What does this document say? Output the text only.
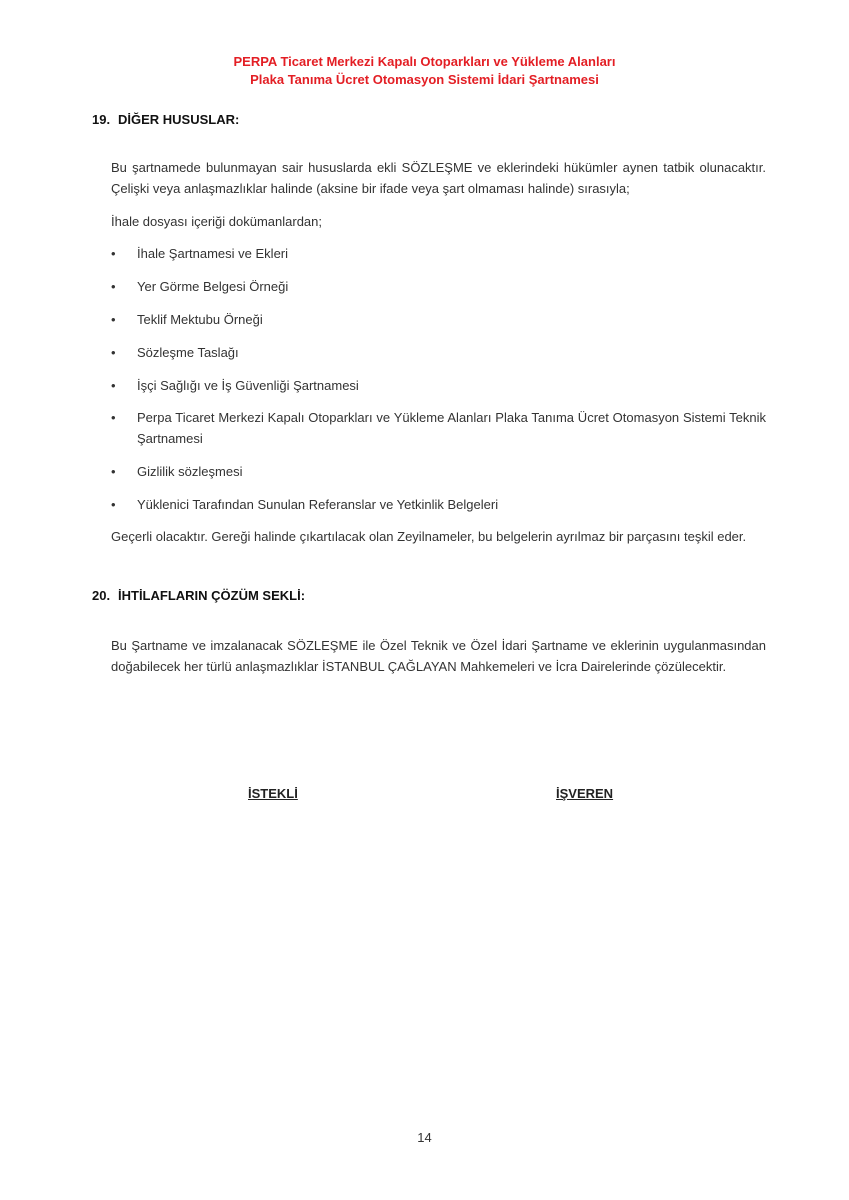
PERPA Ticaret Merkezi Kapalı Otoparkları ve Yükleme Alanları
Plaka Tanıma Ücret Otomasyon Sistemi İdari Şartnamesi
19. DİĞER HUSUSLAR:
Bu şartnamede bulunmayan sair hususlarda ekli SÖZLEŞME ve eklerindeki hükümler aynen tatbik olunacaktır. Çelişki veya anlaşmazlıklar halinde (aksine bir ifade veya şart olmaması halinde) sırasıyla;
İhale dosyası içeriği dokümanlardan;
•	İhale Şartnamesi ve Ekleri
•	Yer Görme Belgesi Örneği
•	Teklif Mektubu Örneği
•	Sözleşme Taslağı
•	İşçi Sağlığı ve İş Güvenliği Şartnamesi
•	Perpa Ticaret Merkezi Kapalı Otoparkları ve Yükleme Alanları Plaka Tanıma Ücret Otomasyon Sistemi Teknik Şartnamesi
•	Gizlilik sözleşmesi
•	Yüklenici Tarafından Sunulan Referanslar ve Yetkinlik Belgeleri
Geçerli olacaktır. Gereği halinde çıkartılacak olan Zeyilnameler, bu belgelerin ayrılmaz bir parçasını teşkil eder.
20. İHTİLAFLARIN ÇÖZÜM SEKLİ:
Bu Şartname ve imzalanacak SÖZLEŞME ile Özel Teknik ve Özel İdari Şartname ve eklerinin uygulanmasından doğabilecek her türlü anlaşmazlıklar İSTANBUL ÇAĞLAYAN Mahkemeleri ve İcra Dairelerinde çözülecektir.
İSTEKLİ	İŞVEREN
14
